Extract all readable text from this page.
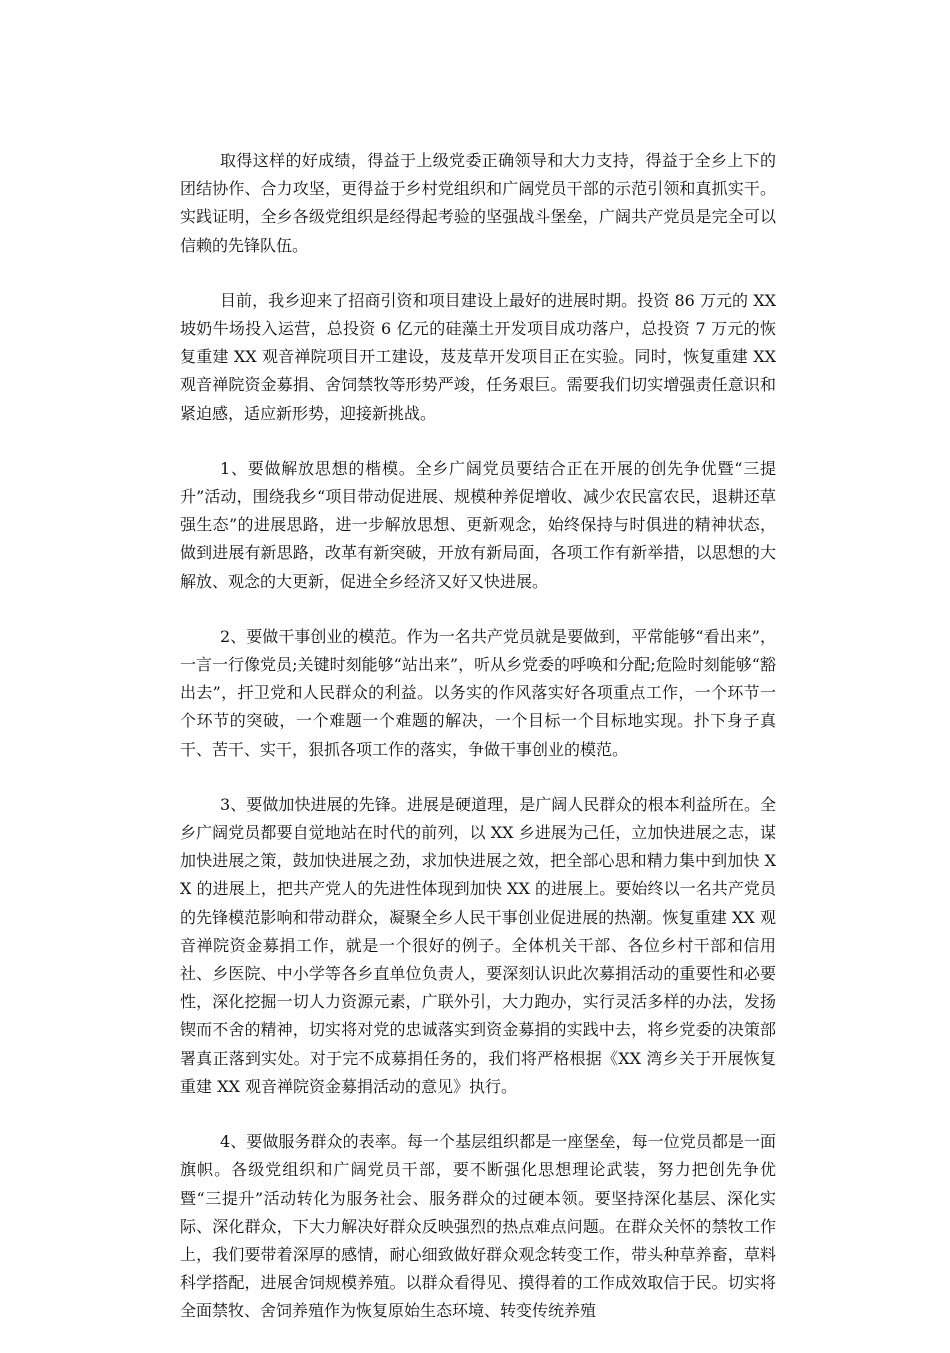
取得这样的好成绩，得益于上级党委正确领导和大力支持，得益于全乡上下的团结协作、合力攻坚，更得益于乡村党组织和广阔党员干部的示范引领和真抓实干。实践证明，全乡各级党组织是经得起考验的坚强战斗堡垒，广阔共产党员是完全可以信赖的先锋队伍。

目前，我乡迎来了招商引资和项目建设上最好的进展时期。投资 86 万元的 XX 坡奶牛场投入运营，总投资 6 亿元的硅藻土开发项目成功落户，总投资 7 万元的恢复重建 XX 观音禅院项目开工建设，芨芨草开发项目正在实验。同时，恢复重建 XX 观音禅院资金募捐、舍饲禁牧等形势严竣，任务艰巨。需要我们切实增强责任意识和紧迫感，适应新形势，迎接新挑战。

1、要做解放思想的楷模。全乡广阔党员要结合正在开展的创先争优暨“三提升”活动，围绕我乡“项目带动促进展、规模种养促增收、减少农民富农民，退耕还草强生态”的进展思路，进一步解放思想、更新观念，始终保持与时俱进的精神状态，做到进展有新思路，改革有新突破，开放有新局面，各项工作有新举措，以思想的大解放、观念的大更新，促进全乡经济又好又快进展。

2、要做干事创业的模范。作为一名共产党员就是要做到，平常能够“看出来”，一言一行像党员;关键时刻能够“站出来”，听从乡党委的呼唤和分配;危险时刻能够“豁出去”，扞卫党和人民群众的利益。以务实的作风落实好各项重点工作，一个环节一个环节的突破，一个难题一个难题的解决，一个目标一个目标地实现。扑下身子真干、苦干、实干，狠抓各项工作的落实，争做干事创业的模范。

3、要做加快进展的先锋。进展是硬道理，是广阔人民群众的根本利益所在。全乡广阔党员都要自觉地站在时代的前列，以 XX 乡进展为己任，立加快进展之志，谋加快进展之策，鼓加快进展之劲，求加快进展之效，把全部心思和精力集中到加快 XX 的进展上，把共产党人的先进性体现到加快 XX 的进展上。要始终以一名共产党员的先锋模范影响和带动群众，凝聚全乡人民干事创业促进展的热潮。恢复重建 XX 观音禅院资金募捐工作，就是一个很好的例子。全体机关干部、各位乡村干部和信用社、乡医院、中小学等各乡直单位负责人，要深刻认识此次募捐活动的重要性和必要性，深化挖掘一切人力资源元素，广联外引，大力跑办，实行灵活多样的办法，发扬锲而不舍的精神，切实将对党的忠诚落实到资金募捐的实践中去，将乡党委的决策部署真正落到实处。对于完不成募捐任务的，我们将严格根据《XX 湾乡关于开展恢复重建 XX 观音禅院资金募捐活动的意见》执行。

4、要做服务群众的表率。每一个基层组织都是一座堡垒，每一位党员都是一面旗帜。各级党组织和广阔党员干部，要不断强化思想理论武装，努力把创先争优暨“三提升”活动转化为服务社会、服务群众的过硬本领。要坚持深化基层、深化实际、深化群众，下大力解决好群众反映强烈的热点难点问题。在群众关怀的禁牧工作上，我们要带着深厚的感情，耐心细致做好群众观念转变工作，带头种草养畜，草料科学搭配，进展舍饲规模养殖。以群众看得见、摸得着的工作成效取信于民。切实将全面禁牧、舍饲养殖作为恢复原始生态环境、转变传统养殖
